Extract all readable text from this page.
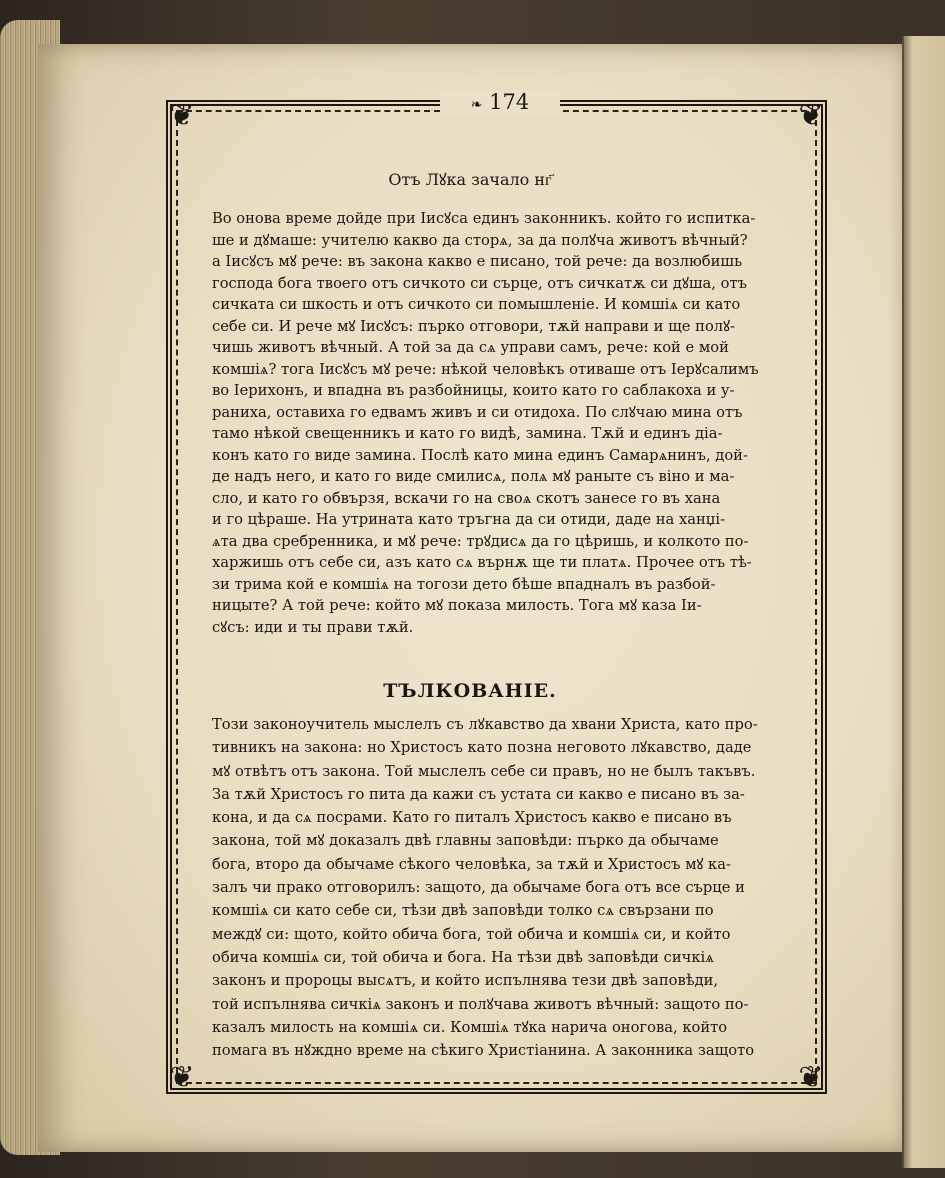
❦	❦
❦	❦
❧ 174
Отъ Лꙋка зачало нг҃

Во онова време дойде при Іисꙋса единъ законникъ. който го испитка-

ше и дꙋмаше: учителю какво да сторѧ, за да полꙋча животъ вѣчный?

а Іисꙋсъ мꙋ рече: въ закона какво е писано, той рече: да возлюбишь

господа бога твоего отъ сичкото си сърце, отъ сичкатѫ си дꙋша, отъ

сичката си шкость и отъ сичкото си помышленіе. И комшіѧ си като

себе си. И рече мꙋ Іисꙋсъ: пърко отговори, тѫй направи и ще полꙋ-

чишь животъ вѣчный. А той за да сѧ управи самъ, рече: кой е мой

комшіѧ? тога Іисꙋсъ мꙋ рече: нѣкой человѣкъ отиваше отъ Іерꙋсалимъ

во Іерихонъ, и впадна въ разбойницы, които като го саблакоха и у-

раниха, оставиха го едвамъ живъ и си отидоха. По слꙋчаю мина отъ

тамо нѣкой свещенникъ и като го видѣ, замина. Тѫй и единъ діа-

конъ като го виде замина. Послѣ като мина единъ Самарѧнинъ, дой-

де надъ него, и като го виде смилисѧ, полѧ мꙋ раныте съ віно и ма-

сло, и като го обвързя, вскачи го на своѧ скотъ занесе го въ хана

и го цѣраше. На утрината като тръгна да си отиди, даде на ханџі-

ѧта два сребренника, и мꙋ рече: трꙋдисѧ да го цѣришь, и колкото по-

харжишь отъ себе си, азъ като сѧ върнѫ ще ти платѧ. Прочее отъ тѣ-

зи трима кой е комшіѧ на тогози дето бѣше впадналъ въ разбой-

ницыте? А той рече: който мꙋ показа милость. Тога мꙋ каза Іи-

сꙋсъ: иди и ты прави тѫй.

ТЪЛКОВАНІЕ.

Този законоучитель мыслелъ съ лꙋкавство да хвани Христа, като про-

тивникъ на закона: но Христосъ като позна неговото лꙋкавство, даде

мꙋ отвѣтъ отъ закона. Той мыслелъ себе си правъ, но не былъ такъвъ.

За тѫй Христосъ го пита да кажи съ устата си какво е писано въ за-

кона, и да сѧ посрами. Като го питалъ Христосъ какво е писано въ

закона, той мꙋ доказалъ двѣ главны заповѣди: пърко да обычаме

бога, второ да обычаме сѣкого человѣка, за тѫй и Христосъ мꙋ ка-

залъ чи прако отговорилъ: защото, да обычаме бога отъ все сърце и

комшіѧ си като себе си, тѣзи двѣ заповѣди толко сѧ свързани по

междꙋ си: щото, който обича бога, той обича и комшіѧ си, и който

обича комшіѧ си, той обича и бога. На тѣзи двѣ заповѣди сичкіѧ

законъ и пророцы высѧтъ, и който испълнява тези двѣ заповѣди,

той испълнява сичкіѧ законъ и полꙋчава животъ вѣчный: защото по-

казалъ милость на комшіѧ си. Комшіѧ тꙋка нарича оногова, който

помага въ нꙋждно време на сѣкиго Христіанина. А законника защото
